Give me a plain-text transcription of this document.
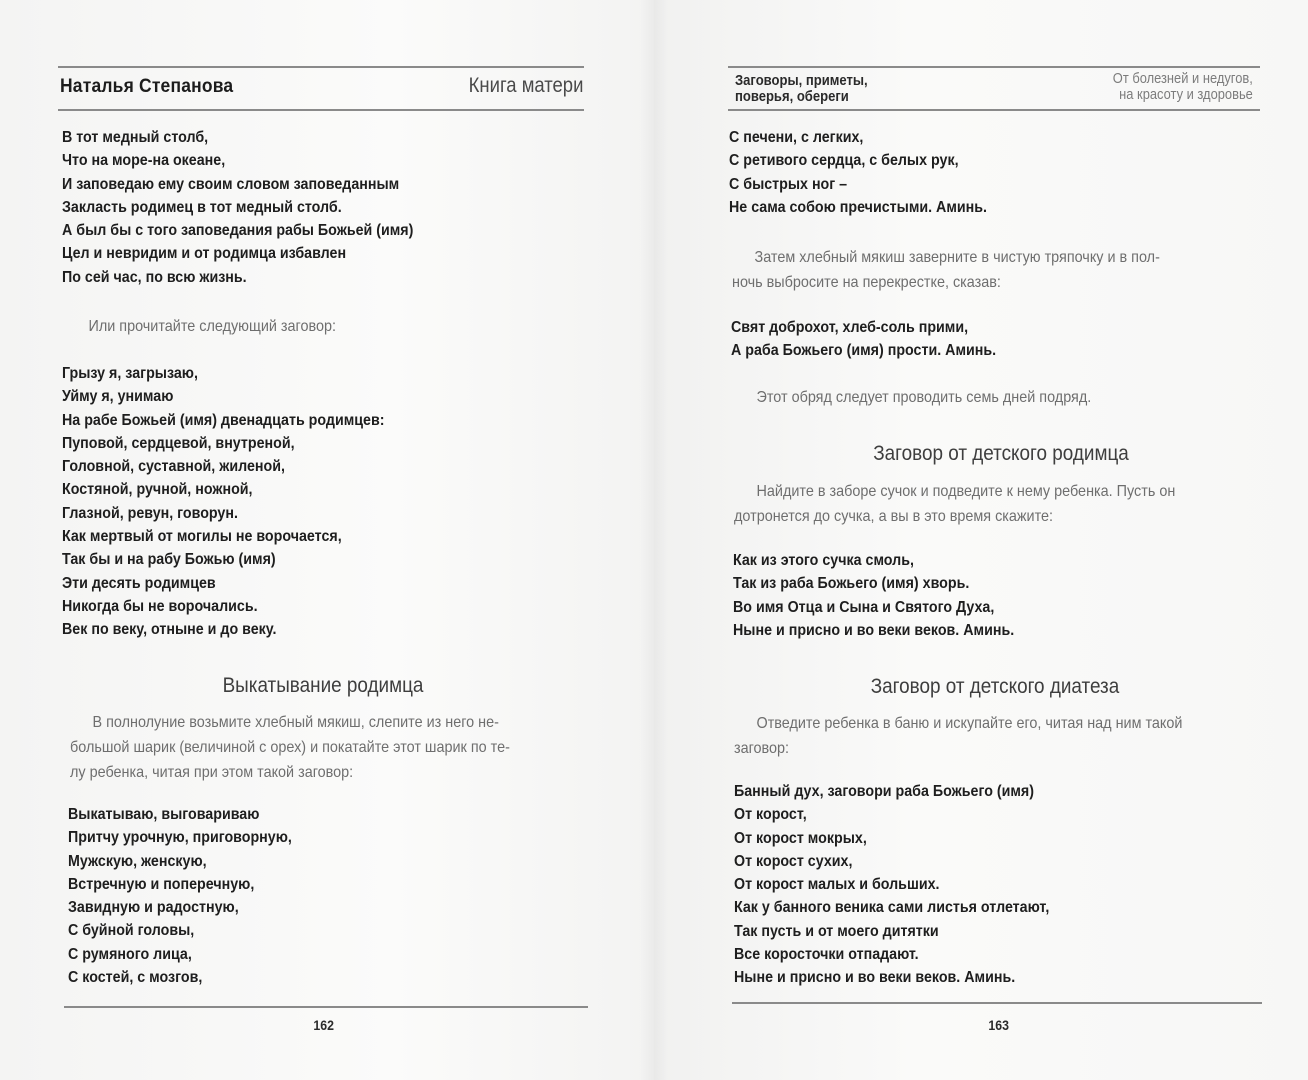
Наталья Степанова	Книга матери
В тот медный столб,
Что на море-на океане,
И заповедаю ему своим словом заповеданным
Закласть родимец в тот медный столб.
А был бы с того заповедания рабы Божьей (имя)
Цел и невридим и от родимца избавлен
По сей час, по всю жизнь.
Или прочитайте следующий заговор:
Грызу я, загрызаю,
Уйму я, унимаю
На рабе Божьей (имя) двенадцать родимцев:
Пуповой, сердцевой, внутреной,
Головной, суставной, жиленой,
Костяной, ручной, ножной,
Глазной, ревун, говорун.
Как мертвый от могилы не ворочается,
Так бы и на рабу Божью (имя)
Эти десять родимцев
Никогда бы не ворочались.
Век по веку, отныне и до веку.
Выкатывание родимца
В полнолуние возьмите хлебный мякиш, слепите из него не-
большой шарик (величиной с орех) и покатайте этот шарик по те-
лу ребенка, читая при этом такой заговор:
Выкатываю, выговариваю
Притчу урочную, приговорную,
Мужскую, женскую,
Встречную и поперечную,
Завидную и радостную,
С буйной головы,
С румяного лица,
С костей, с мозгов,
162	163
Заговоры, приметы,
поверья, обереги
От болезней и недугов,
на красоту и здоровье
С печени, с легких,
С ретивого сердца, с белых рук,
С быстрых ног –
Не сама собою пречистыми. Аминь.
Затем хлебный мякиш заверните в чистую тряпочку и в пол-
ночь выбросите на перекрестке, сказав:
Свят доброхот, хлеб-соль прими,
А раба Божьего (имя) прости. Аминь.
Этот обряд следует проводить семь дней подряд.
Заговор от детского родимца
Найдите в заборе сучок и подведите к нему ребенка. Пусть он
дотронется до сучка, а вы в это время скажите:
Как из этого сучка смоль,
Так из раба Божьего (имя) хворь.
Во имя Отца и Сына и Святого Духа,
Ныне и присно и во веки веков. Аминь.
Заговор от детского диатеза
Отведите ребенка в баню и искупайте его, читая над ним такой
заговор:
Банный дух, заговори раба Божьего (имя)
От корост,
От корост мокрых,
От корост сухих,
От корост малых и больших.
Как у банного веника сами листья отлетают,
Так пусть и от моего дитятки
Все коросточки отпадают.
Ныне и присно и во веки веков. Аминь.
